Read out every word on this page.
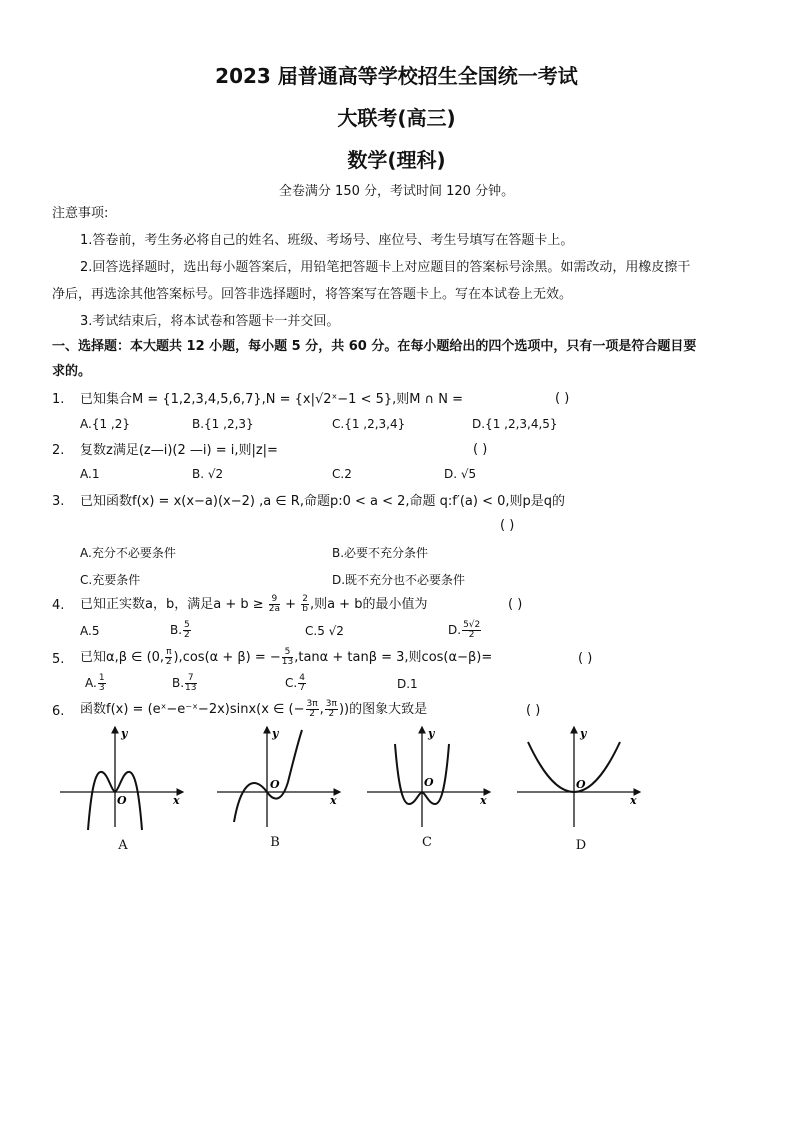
2023 届普通高等学校招生全国统一考试
大联考(高三)
数学(理科)
全卷满分 150 分，考试时间 120 分钟。
注意事项:
1.答卷前，考生务必将自己的姓名、班级、考场号、座位号、考生号填写在答题卡上。
2.回答选择题时，选出每小题答案后，用铅笔把答题卡上对应题目的答案标号涂黑。如需改动，用橡皮擦干
净后，再选涂其他答案标号。回答非选择题时，将答案写在答题卡上。写在本试卷上无效。
3.考试结束后，将本试卷和答题卡一并交回。
一、选择题：本大题共 12 小题，每小题 5 分，共 60 分。在每小题给出的四个选项中，只有一项是符合题目要
求的。
1. 已知集合M = {1,2,3,4,5,6,7},N = {x|√2ˣ−1 < 5},则M ∩ N =	( )
A.{1 ,2}	B.{1 ,2,3}	C.{1 ,2,3,4}	D.{1 ,2,3,4,5}
2. 复数z满足(z—i)(2 —i) = i,则|z|=	( )
A.1	B. √2	C.2	D. √5
3. 已知函数f(x) = x(x−a)(x−2) ,a ∈ R,命题p:0 < a < 2,命题 q:f′(a) < 0,则p是q的
( )
A.充分不必要条件	B.必要不充分条件
C.充要条件	D.既不充分也不必要条件
4. 已知正实数a，b，满足$a + b \ge \frac{9}{2a} + \frac{2}{b}$ ,则a + b的最小值为	( )
A.5	B. $\frac{5}{2}$	C.5 √2	D. $\frac{5√2}{2}$
5. 已知α,β ∈ (0, $\frac{\pi}{2} ),\cos(\alpha + \beta)$ = − $\frac{5}{13} ,\tan\alpha + \tan\beta = 3$,则cos(α−β)=	( )
A. $\frac{1}{3}$	B. $\frac{7}{13}$	C. $\frac{4}{7}$	D.1
6. 函数f(x) = (eˣ−e⁻ˣ−2x)sinx(x ∈ (− $\frac{3\pi}{2}$ , $\frac{3\pi}{2}$ ))的图象大致是	( )
y
x
O
A
y
x
O
B
y
x
O
C
y
x
O
D
